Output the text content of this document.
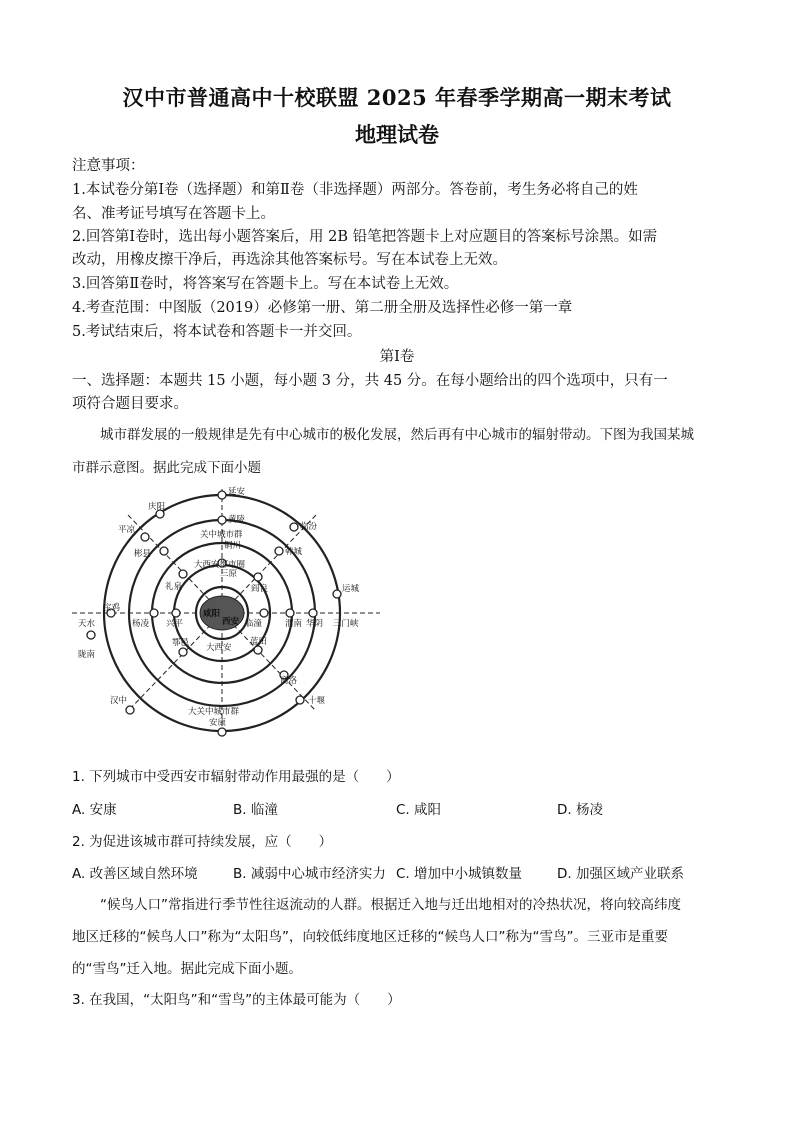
汉中市普通高中十校联盟 2025 年春季学期高一期末考试
地理试卷
注意事项：
1.本试卷分第Ⅰ卷（选择题）和第Ⅱ卷（非选择题）两部分。答卷前，考生务必将自己的姓
名、准考证号填写在答题卡上。
2.回答第Ⅰ卷时，选出每小题答案后，用 2B 铅笔把答题卡上对应题目的答案标号涂黑。如需
改动，用橡皮擦干净后，再选涂其他答案标号。写在本试卷上无效。
3.回答第Ⅱ卷时，将答案写在答题卡上。写在本试卷上无效。
4.考查范围：中图版（2019）必修第一册、第二册全册及选择性必修一第一章
5.考试结束后，将本试卷和答题卡一并交回。
第Ⅰ卷
一、选择题：本题共 15 小题，每小题 3 分，共 45 分。在每小题给出的四个选项中，只有一
项符合题目要求。
城市群发展的一般规律是先有中心城市的极化发展，然后再有中心城市的辐射带动。下图为我国某城
市群示意图。据此完成下面小题
延安
黄陵
关中城市群
铜川
庆阳
平凉
彬县
临汾
韩城
大西安都市圈
三原
礼泉	阎良	运城
宝鸡
天水	杨凌 兴平
咸阳
西安 临潼	渭南 华阴 三门峡
陇南
鄠邑 大西安
蓝田
商洛
汉中	十堰
大关中城市群
安康
1. 下列城市中受西安市辐射带动作用最强的是（　　）
A. 安康	B. 临潼	C. 咸阳	D. 杨凌
2. 为促进该城市群可持续发展，应（　　）
A. 改善区域自然环境	B. 减弱中心城市经济实力 C. 增加中小城镇数量	D. 加强区域产业联系
“候鸟人口”常指进行季节性往返流动的人群。根据迁入地与迁出地相对的冷热状况，将向较高纬度
地区迁移的“候鸟人口”称为“太阳鸟”，向较低纬度地区迁移的“候鸟人口”称为“雪鸟”。三亚市是重要
的“雪鸟”迁入地。据此完成下面小题。
3. 在我国，“太阳鸟”和“雪鸟”的主体最可能为（　　）
